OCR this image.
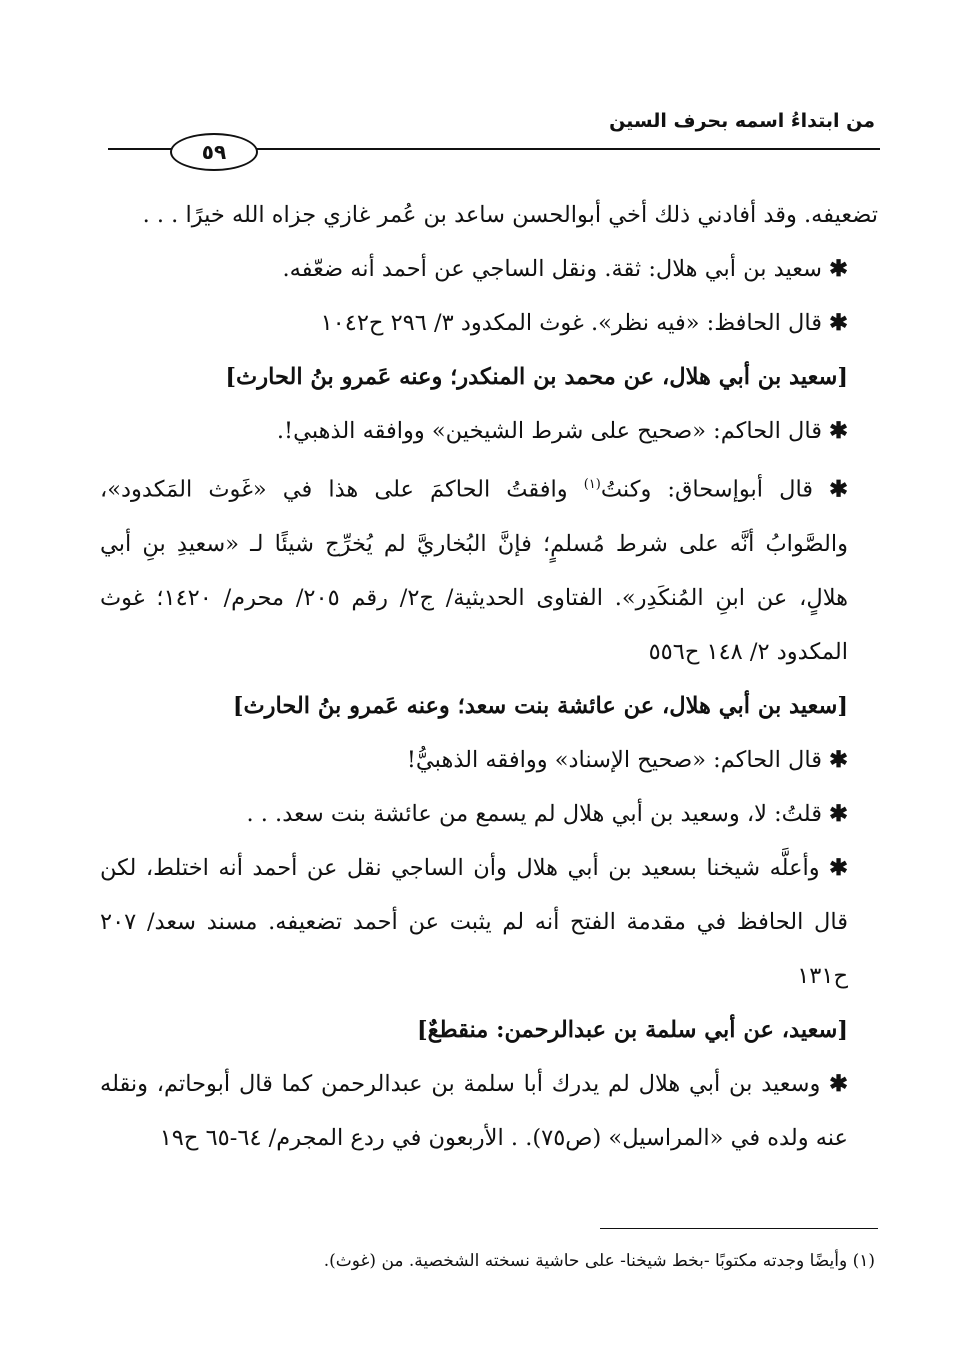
من ابتداءُ اسمه بحرف السين
٥٩

تضعيفه. وقد أفادني ذلك أخي أبوالحسن ساعد بن عُمر غازي جزاه الله خيرًا . . .

✱ سعيد بن أبي هلال: ثقة. ونقل الساجي عن أحمد أنه ضعّفه.

✱ قال الحافظ: «فيه نظر». غوث المكدود ٣/ ٢٩٦ ح١٠٤٢

[سعيد بن أبي هلال، عن محمد بن المنكدر؛ وعنه عَمرو بنُ الحارث]

✱ قال الحاكم: «صحيح على شرط الشيخين» ووافقه الذهبي!.

✱ قال أبوإسحاق: وكنتُ$^{(١)}$ وافقتُ الحاكمَ على هذا في «غَوث المَكدود»، والصَّوابُ أنَّه على شرط مُسلمٍ؛ فإنَّ البُخاريَّ لم يُخرِّج شيئًا لـ «سعيدِ بنِ أبي هلالٍ، عن ابنِ المُنكَدِر». الفتاوى الحديثية/ ج٢/ رقم ٢٠٥/ محرم/ ١٤٢٠؛ غوث المكدود ٢/ ١٤٨ ح٥٥٦

[سعيد بن أبي هلال، عن عائشة بنت سعد؛ وعنه عَمرو بنُ الحارث]

✱ قال الحاكم: «صحيح الإسناد» ووافقه الذهبيُّ!

✱ قلتُ: لا، وسعيد بن أبي هلال لم يسمع من عائشة بنت سعد. . .

✱ وأعلَّه شيخنا بسعيد بن أبي هلال وأن الساجي نقل عن أحمد أنه اختلط، لكن قال الحافظ في مقدمة الفتح أنه لم يثبت عن أحمد تضعيفه. مسند سعد/ ٢٠٧ ح١٣١

[سعيد، عن أبي سلمة بن عبدالرحمن: منقطعٌ]

✱ وسعيد بن أبي هلال لم يدرك أبا سلمة بن عبدالرحمن كما قال أبوحاتم، ونقله عنه ولده في «المراسيل» (ص٧٥). . الأربعون في ردع المجرم/ ٦٤-٦٥ ح١٩

(١) وأيضًا وجدته مكتوبًا -بخط شيخنا- على حاشية نسخته الشخصية. من (غوث).
